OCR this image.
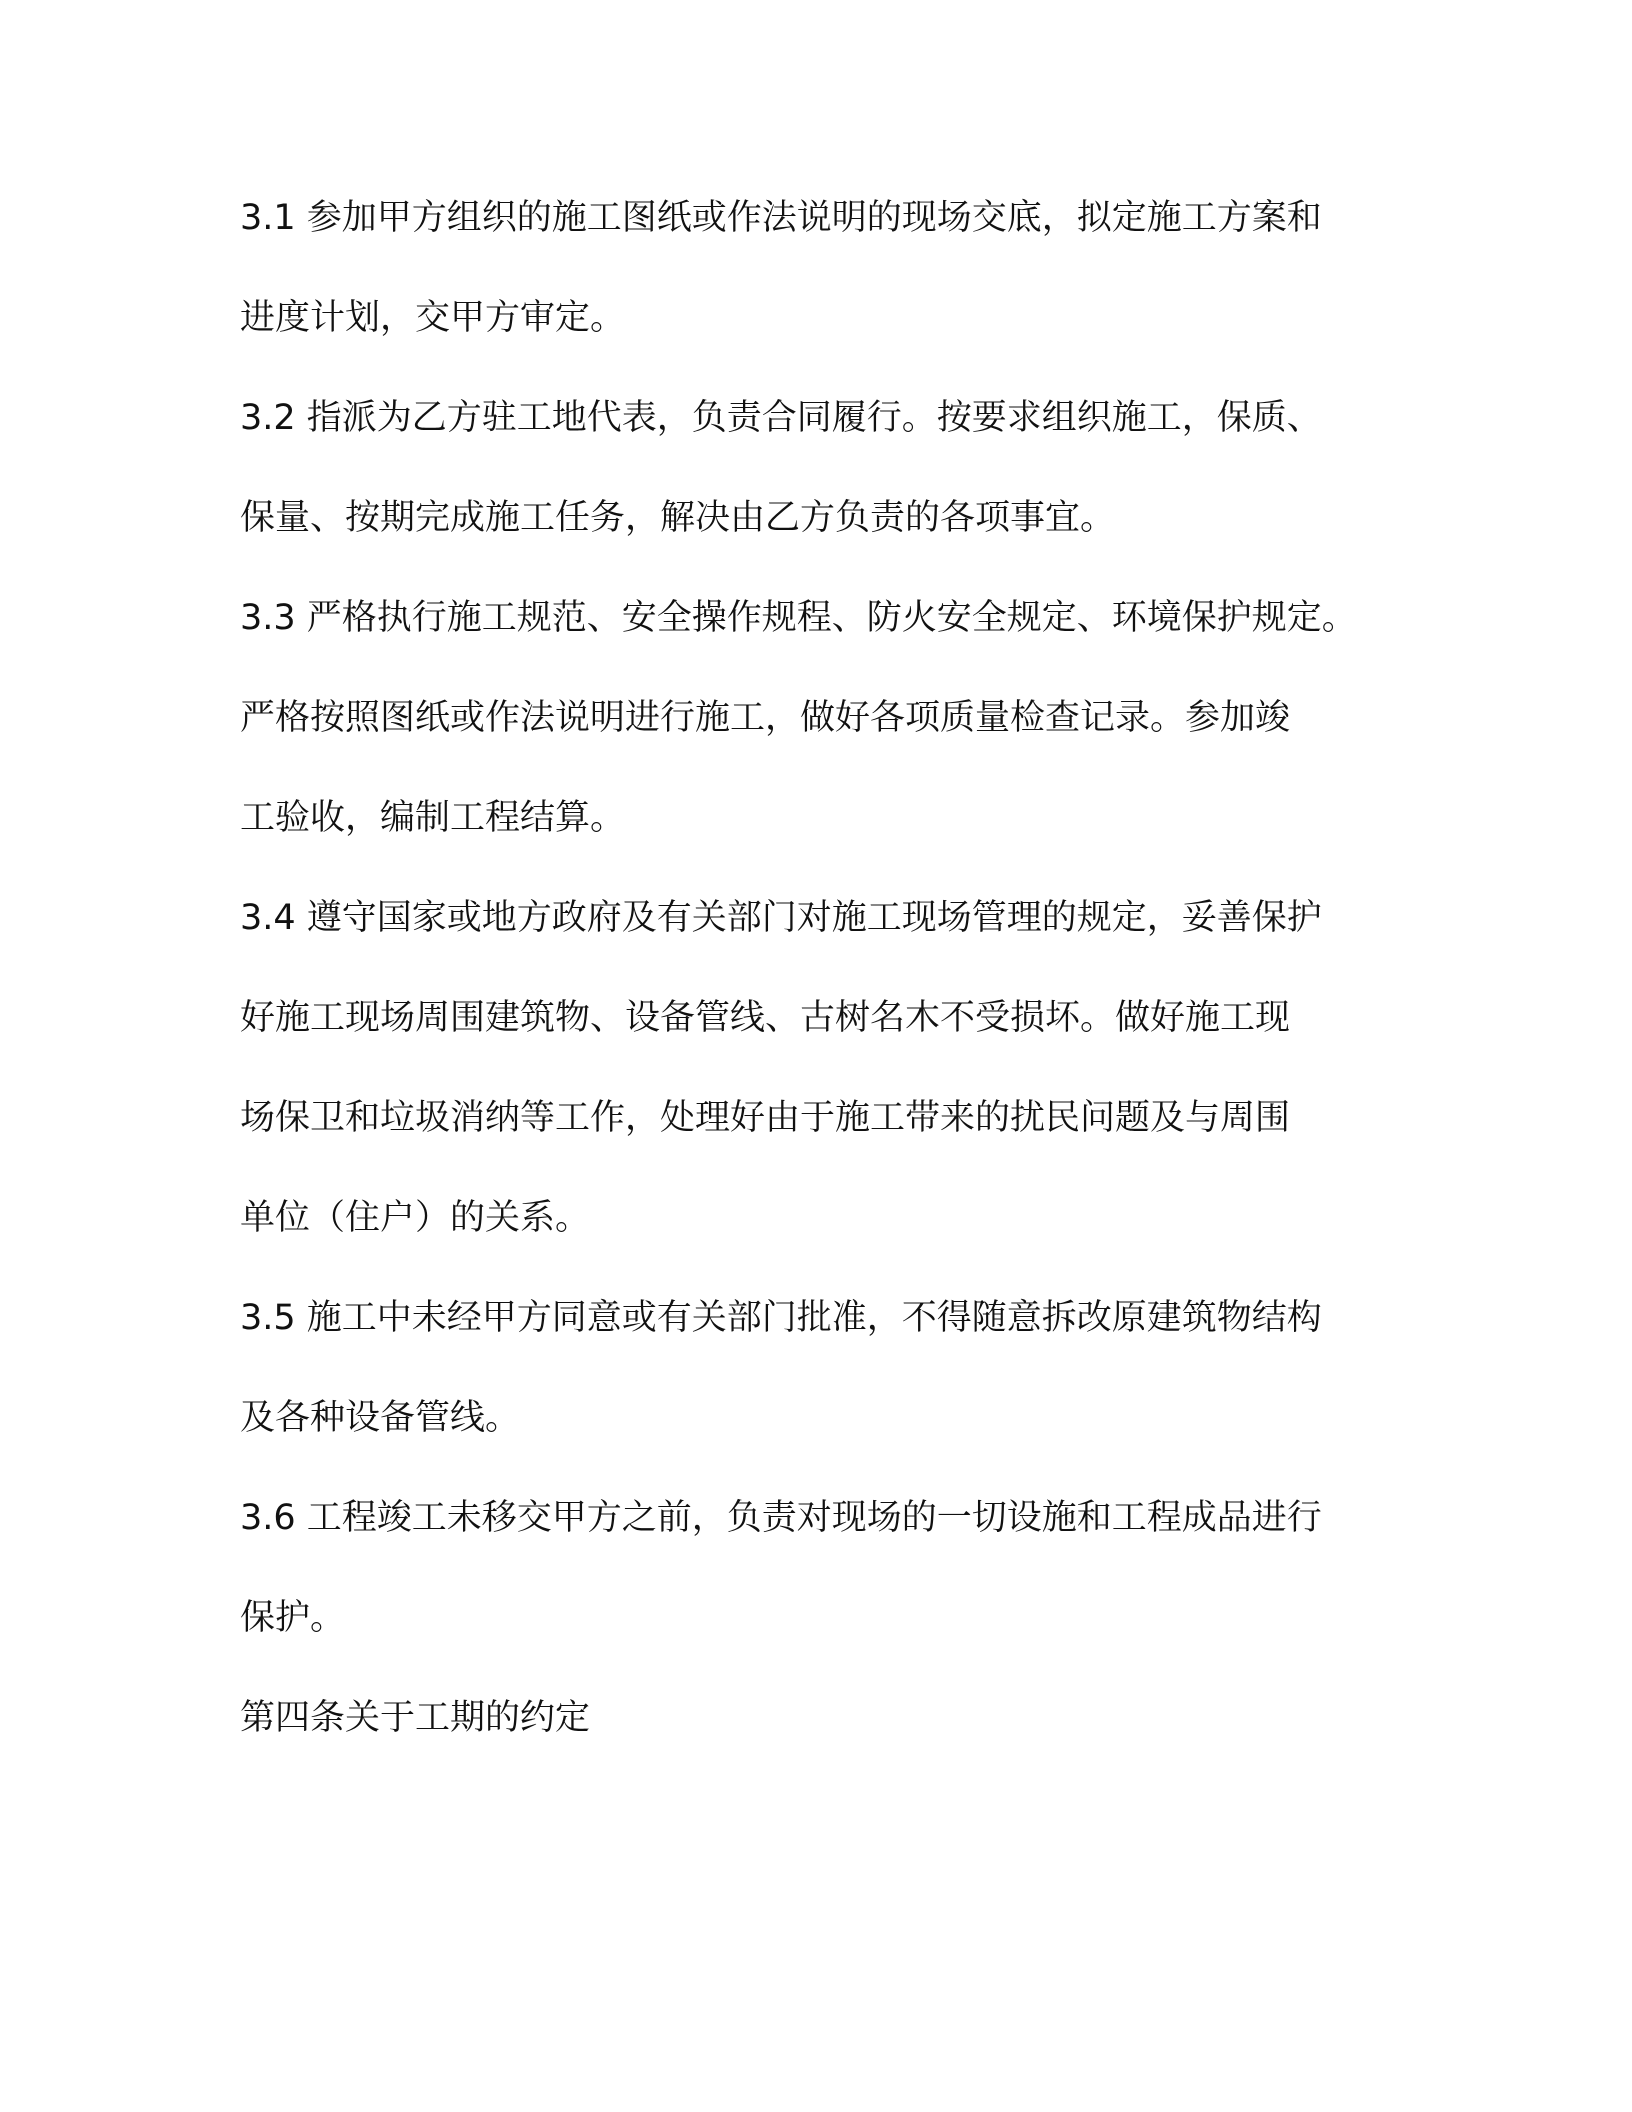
3.1 参加甲方组织的施工图纸或作法说明的现场交底，拟定施工方案和
进度计划，交甲方审定。
3.2 指派为乙方驻工地代表，负责合同履行。按要求组织施工，保质、
保量、按期完成施工任务，解决由乙方负责的各项事宜。
3.3 严格执行施工规范、安全操作规程、防火安全规定、环境保护规定。
严格按照图纸或作法说明进行施工，做好各项质量检查记录。参加竣
工验收，编制工程结算。
3.4 遵守国家或地方政府及有关部门对施工现场管理的规定，妥善保护
好施工现场周围建筑物、设备管线、古树名木不受损坏。做好施工现
场保卫和垃圾消纳等工作，处理好由于施工带来的扰民问题及与周围
单位（住户）的关系。
3.5 施工中未经甲方同意或有关部门批准，不得随意拆改原建筑物结构
及各种设备管线。
3.6 工程竣工未移交甲方之前，负责对现场的一切设施和工程成品进行
保护。
第四条关于工期的约定
